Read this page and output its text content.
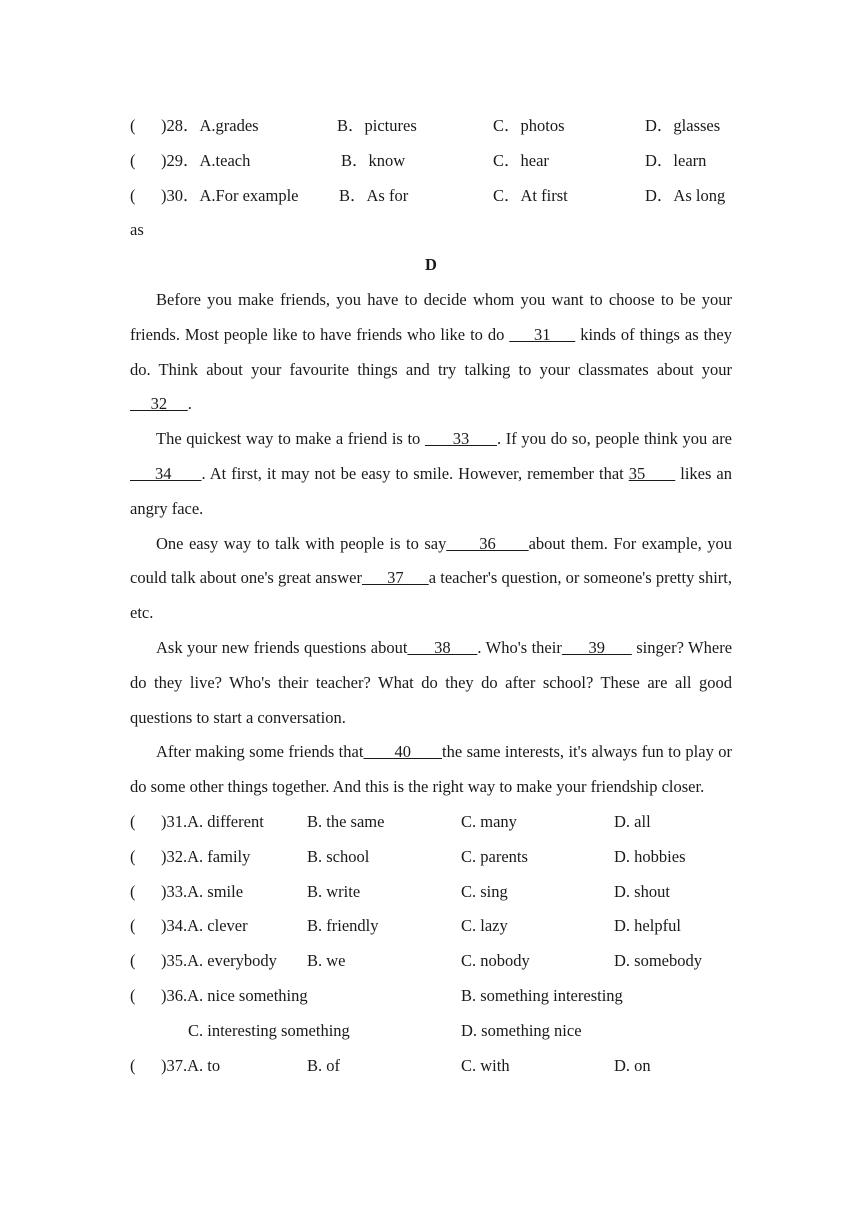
( )28．A.grades	B．pictures	C．photos	D．glasses
( )29．A.teach	B．know	C．hear	D．learn
( )30．A.For example B．As for	C．At first	D．As long
as
D

Before you make friends, you have to decide whom you want to choose to be your friends. Most people like to have friends who like to do      31      kinds of things as they do. Think about your favourite things and try talking to your classmates about your      32     .

The quickest way to make a friend is to       33      . If you do so, people think you are      34      . At first, it may not be easy to smile. However, remember that 35       likes an angry face.

One easy way to talk with people is to say      36      about them. For example, you could talk about one's great answer      37      a teacher's question, or someone's pretty shirt, etc.

Ask your new friends questions about      38      . Who's their      39       singer? Where do they live? Who's their teacher? What do they do after school? These are all good questions to start a conversation.

After making some friends that       40       the same interests, it's always fun to play or do some other things together. And this is the right way to make your friendship closer.

( )31.A. different	B. the same	C. many	D. all
( )32.A. family	B. school	C. parents	D. hobbies
( )33.A. smile	B. write	C. sing	D. shout
( )34.A. clever	B. friendly	C. lazy	D. helpful
( )35.A. everybody B. we	C. nobody	D. somebody
( )36.A. nice something	B. something interesting
C. interesting something	D. something nice
( )37.A. to	B. of	C. with	D. on
